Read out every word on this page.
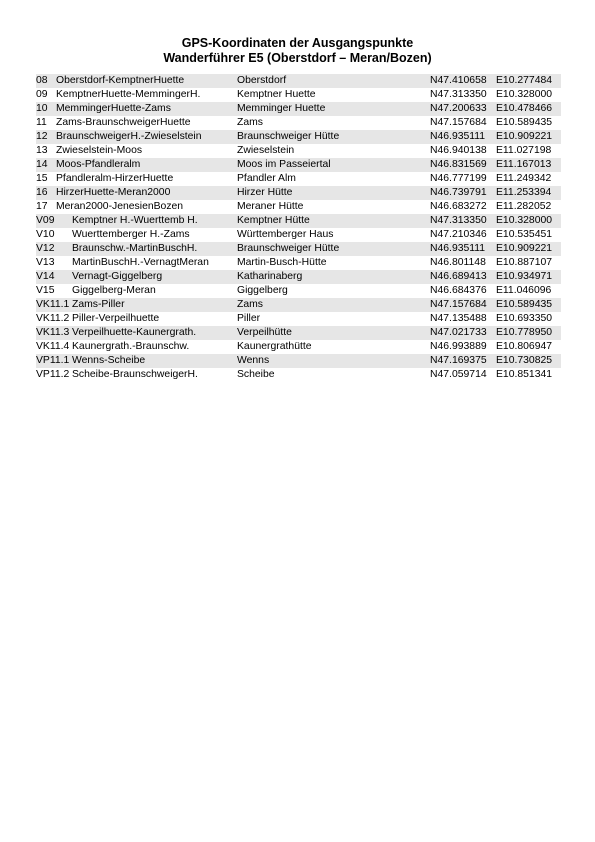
GPS-Koordinaten der Ausgangspunkte
Wanderführer E5 (Oberstdorf – Meran/Bozen)
08 Oberstdorf-KemptnerHuette	Oberstdorf	N47.410658 E10.277484
09 KemptnerHuette-MemmingerH.	Kemptner Huette	N47.313350 E10.328000
10 MemmingerHuette-Zams	Memminger Huette	N47.200633 E10.478466
11 Zams-BraunschweigerHuette	Zams	N47.157684 E10.589435
12 BraunschweigerH.-Zwieselstein	Braunschweiger Hütte	N46.935111 E10.909221
13 Zwieselstein-Moos	Zwieselstein	N46.940138 E11.027198
14 Moos-Pfandleralm	Moos im Passeiertal	N46.831569 E11.167013
15 Pfandleralm-HirzerHuette	Pfandler Alm	N46.777199 E11.249342
16 HirzerHuette-Meran2000	Hirzer Hütte	N46.739791 E11.253394
17 Meran2000-JenesienBozen	Meraner Hütte	N46.683272 E11.282052
V09 Kemptner H.-Wuerttemb H.	Kemptner Hütte	N47.313350 E10.328000
V10 Wuerttemberger H.-Zams	Württemberger Haus	N47.210346 E10.535451
V12 Braunschw.-MartinBuschH.	Braunschweiger Hütte	N46.935111 E10.909221
V13 MartinBuschH.-VernagtMeran	Martin-Busch-Hütte	N46.801148 E10.887107
V14 Vernagt-Giggelberg	Katharinaberg	N46.689413 E10.934971
V15 Giggelberg-Meran	Giggelberg	N46.684376 E11.046096
VK11.1 Zams-Piller	Zams	N47.157684 E10.589435
VK11.2 Piller-Verpeilhuette	Piller	N47.135488 E10.693350
VK11.3 Verpeilhuette-Kaunergrath.	Verpeilhütte	N47.021733 E10.778950
VK11.4 Kaunergrath.-Braunschw.	Kaunergrathütte	N46.993889 E10.806947
VP11.1 Wenns-Scheibe	Wenns	N47.169375 E10.730825
VP11.2 Scheibe-BraunschweigerH.	Scheibe	N47.059714 E10.851341
